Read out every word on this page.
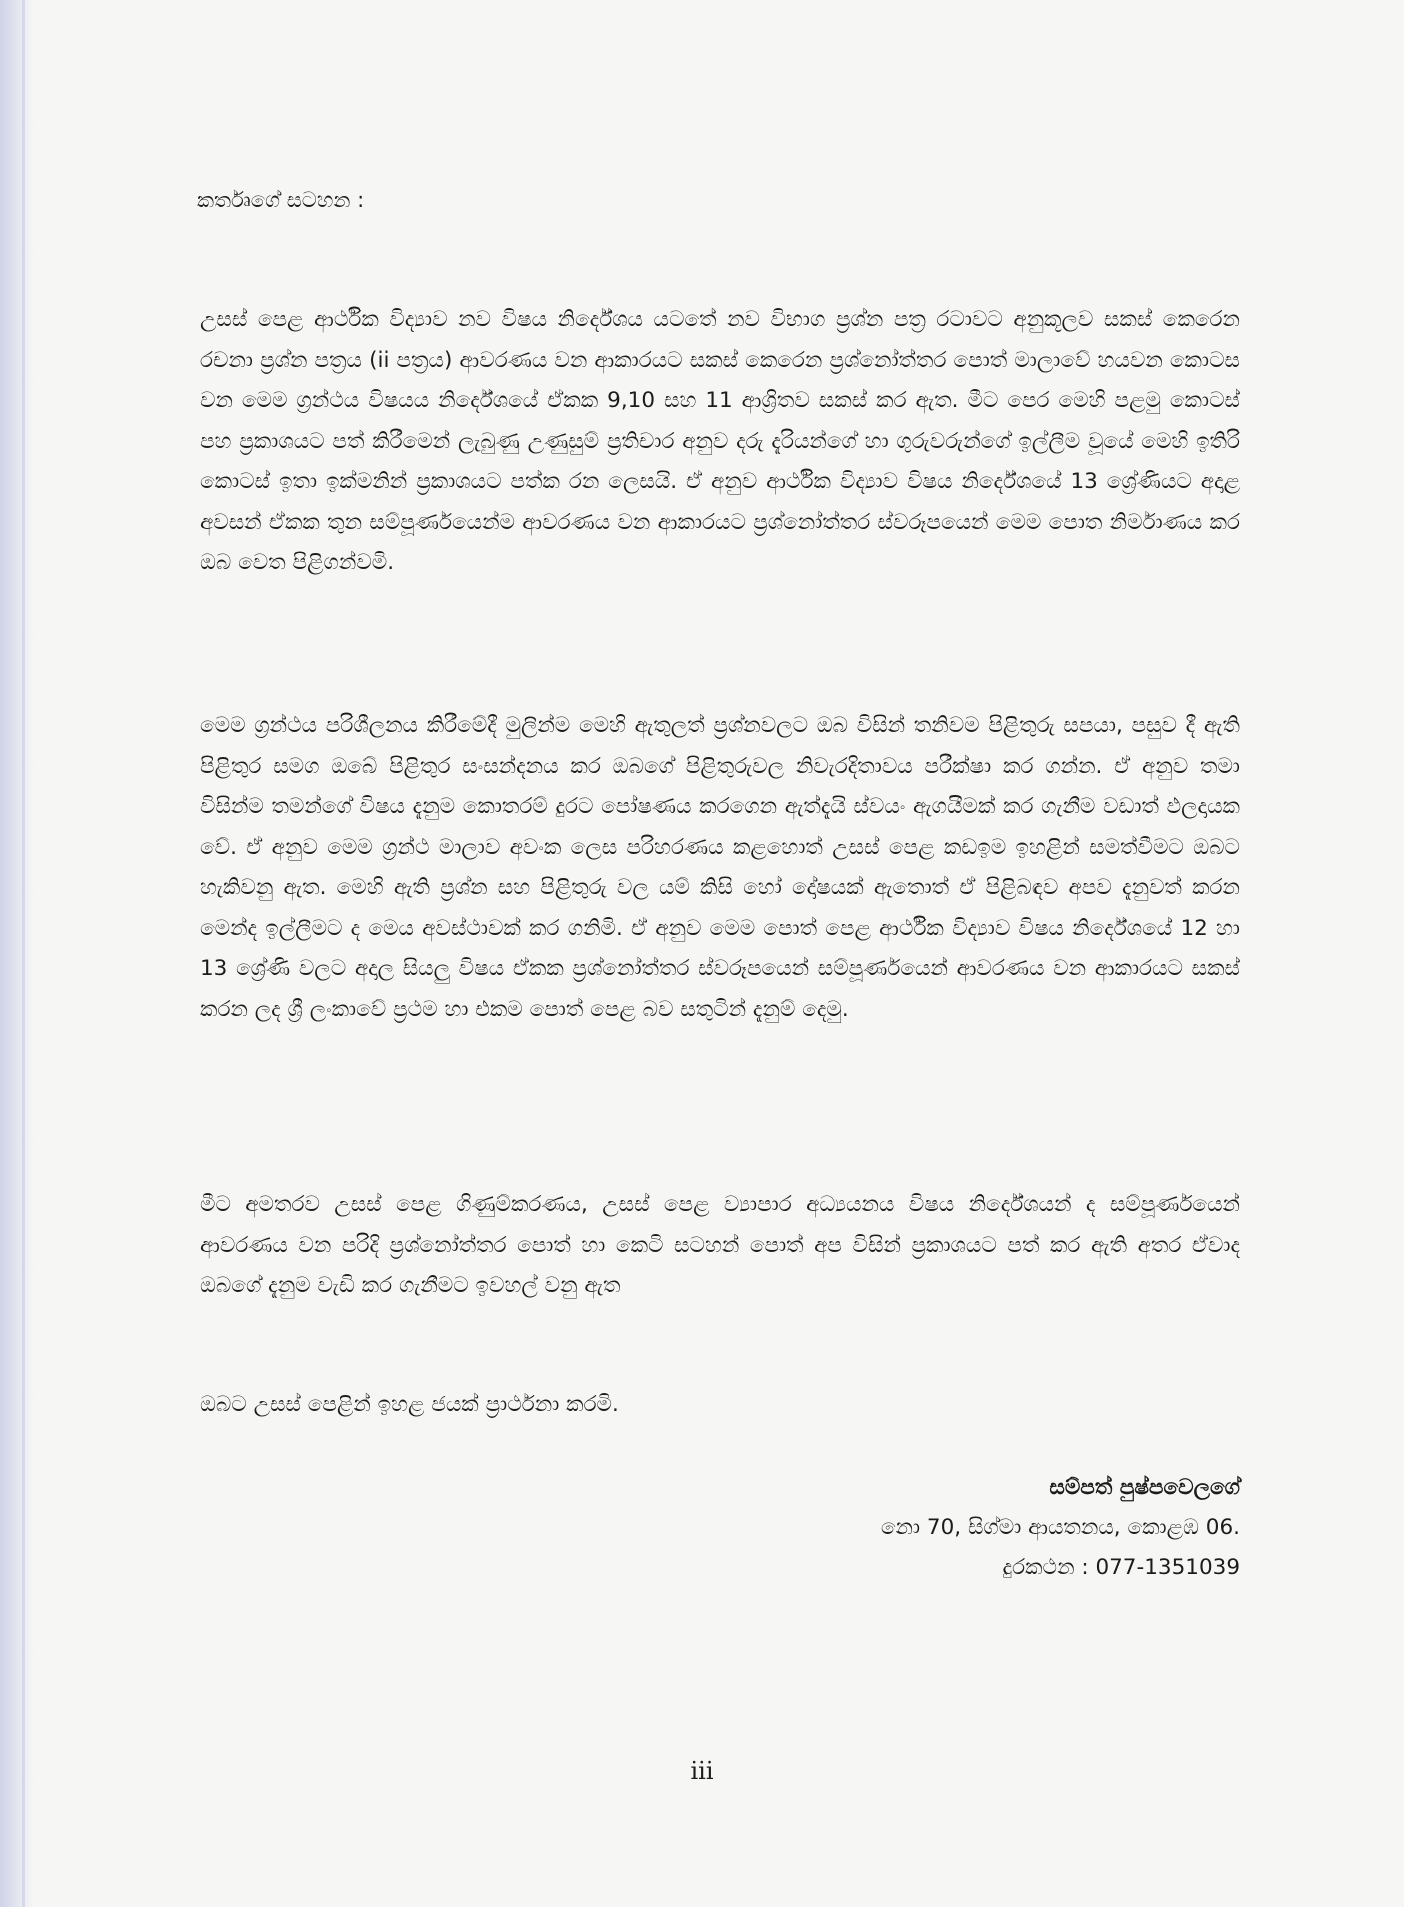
කර්තෘගේ සටහන :

උසස් පෙළ ආර්ථික විද්‍යාව නව විෂය නිර්දේශය යටතේ නව විභාග ප්‍රශ්න පත්‍ර රටාවට අනුකූලව සකස් කෙරෙන රචනා ප්‍රශ්න පත්‍රය (ii පත්‍රය) ආවරණය වන ආකාරයට සකස් කෙරෙන ප්‍රශ්නෝත්තර පොත් මාලාවේ හයවන කොටස වන මෙම ග්‍රන්ථය විෂයය නිර්දේශයේ ඒකක 9,10 සහ 11 ආශ්‍රිතව සකස් කර ඇත. මීට පෙර මෙහි පළමු කොටස් පහ ප්‍රකාශයට පත් කිරීමෙන් ලැබුණු උණුසුම් ප්‍රතිචාර අනුව දරු දැරියන්ගේ හා ගුරුවරුන්ගේ ඉල්ලීම වූයේ මෙහි ඉතිරි කොටස් ඉතා ඉක්මනින් ප්‍රකාශයට පත්ක රන ලෙසයි. ඒ අනුව ආර්ථික විද්‍යාව විෂය නිර්දේශයේ 13 ශ්‍රේණියට අදාළ අවසන් ඒකක තුන සම්පූර්ණයෙන්ම ආවරණය වන ආකාරයට ප්‍රශ්නෝත්තර ස්වරූපයෙන් මෙම පොත නිර්මාණය කර ඔබ වෙත පිළිගන්වමි.

මෙම ග්‍රන්ථය පරිශීලනය කිරීමේදී මුලින්ම මෙහි ඇතුලත් ප්‍රශ්නවලට ඔබ විසින් තනිවම පිළිතුරු සපයා, පසුව දී ඇති පිළිතුර සමග ඔබේ පිළිතුර සංසන්දනය කර ඔබගේ පිළිතුරුවල නිවැරදිතාවය පරීක්ෂා කර ගන්න. ඒ අනුව තමා විසින්ම තමන්ගේ විෂය දැනුම කොතරම් දුරට පෝෂණය කරගෙන ඇත්දැයි ස්වයං ඇගයීමක් කර ගැනීම වඩාත් ඵලදායක වේ. ඒ අනුව මෙම ග්‍රන්ථ මාලාව අවංක ලෙස පරිහරණය කළහොත් උසස් පෙළ කඩඉම ඉහළින් සමත්වීමට ඔබට හැකිවනු ඇත. මෙහි ඇති ප්‍රශ්න සහ පිළිතුරු වල යම් කිසි හෝ දෝෂයක් ඇතොත් ඒ පිළිබඳව අපව දැනුවත් කරන මෙන්ද ඉල්ලීමට ද මෙය අවස්ථාවක් කර ගනිමි. ඒ අනුව මෙම පොත් පෙළ ආර්ථික විද්‍යාව විෂය නිර්දේශයේ 12 හා 13 ශ්‍රේණි වලට අදාල සියලු විෂය ඒකක ප්‍රශ්නෝත්තර ස්වරූපයෙන් සම්පූර්ණයෙන් ආවරණය වන ආකාරයට සකස් කරන ලද ශ්‍රී ලංකාවේ ප්‍රථම හා එකම පොත් පෙළ බව සතුටින් දැනුම් දෙමු.

මීට අමතරව උසස් පෙළ ගිණුම්කරණය, උසස් පෙළ ව්‍යාපාර අධ්‍යයනය විෂය නිර්දේශයන් ද සම්පූර්ණයෙන් ආවරණය වන පරිදි ප්‍රශ්නෝත්තර පොත් හා කෙටි සටහන් පොත් අප විසින් ප්‍රකාශයට පත් කර ඇති අතර ඒවාද ඔබගේ දැනුම වැඩි කර ගැනීමට ඉවහල් වනු ඇත

ඔබට උසස් පෙළින් ඉහළ ජයක් ප්‍රාර්ථනා කරමි.

සම්පත් පුෂ්පවෙලගේ
නො 70, සිග්මා ආයතනය, කොළඹ 06.
දුරකථන : 077-1351039
iii
